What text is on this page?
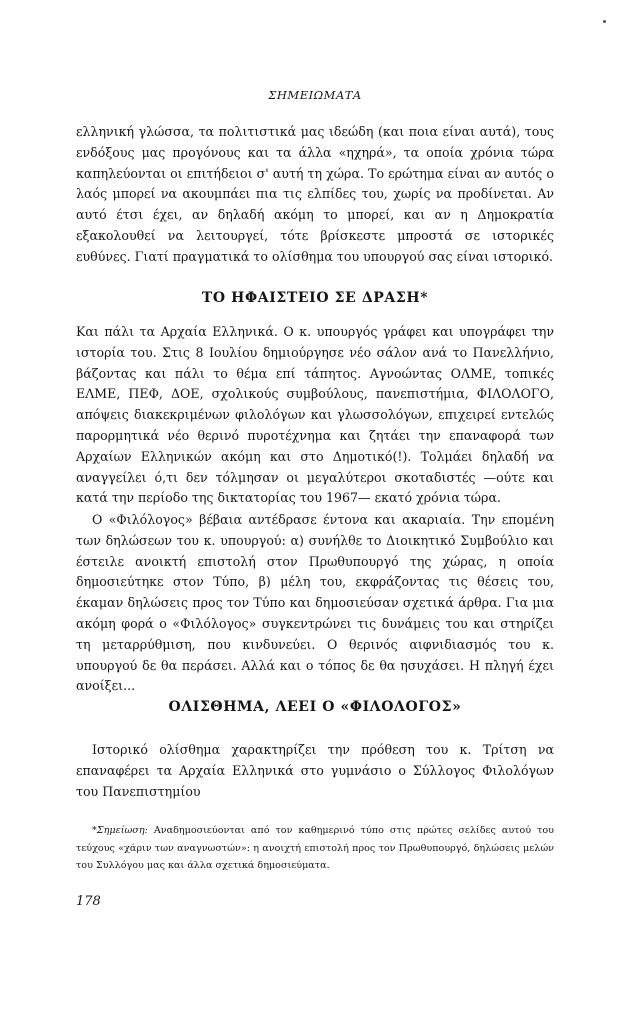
ΣΗΜΕΙΩΜΑΤΑ

ελληνική γλώσσα, τα πολιτιστικά μας ιδεώδη (και ποια είναι αυτά), τους ενδόξους μας προγόνους και τα άλλα «ηχηρά», τα οποία χρόνια τώρα καπηλεύονται οι επιτήδειοι σ' αυτή τη χώρα. Το ερώτημα είναι αν αυτός ο λαός μπορεί να ακουμπάει πια τις ελπίδες του, χωρίς να προδίνεται. Αν αυτό έτσι έχει, αν δηλαδή ακόμη το μπορεί, και αν η Δημοκρατία εξακολουθεί να λειτουργεί, τότε βρίσκεστε μπροστά σε ιστορικές ευθύνες. Γιατί πραγματικά το ολίσθημα του υπουργού σας είναι ιστορικό.

ΤΟ ΗΦΑΙΣΤΕΙΟ ΣΕ ΔΡΑΣΗ*

Και πάλι τα Αρχαία Ελληνικά. Ο κ. υπουργός γράφει και υπογράφει την ιστορία του. Στις 8 Ιουλίου δημιούργησε νέο σάλον ανά το Πανελλήνιο, βάζοντας και πάλι το θέμα επί τάπητος. Αγνοώντας ΟΛΜΕ, τοπικές ΕΛΜΕ, ΠΕΦ, ΔΟΕ, σχολικούς συμβούλους, πανεπιστήμια, ΦΙΛΟΛΟΓΟ, απόψεις διακεκριμένων φιλολόγων και γλωσσολόγων, επιχειρεί εντελώς παρορμητικά νέο θερινό πυροτέχνημα και ζητάει την επαναφορά των Αρχαίων Ελληνικών ακόμη και στο Δημοτικό(!). Τολμάει δηλαδή να αναγγείλει ό,τι δεν τόλμησαν οι μεγαλύτεροι σκοταδιστές —ούτε και κατά την περίοδο της δικτατορίας του 1967— εκατό χρόνια τώρα.

Ο «Φιλόλογος» βέβαια αντέδρασε έντονα και ακαριαία. Την επομένη των δηλώσεων του κ. υπουργού: α) συνήλθε το Διοικητικό Συμβούλιο και έστειλε ανοικτή επιστολή στον Πρωθυπουργό της χώρας, η οποία δημοσιεύτηκε στον Τύπο, β) μέλη του, εκφράζοντας τις θέσεις του, έκαμαν δηλώσεις προς τον Τύπο και δημοσιεύσαν σχετικά άρθρα. Για μια ακόμη φορά ο «Φιλόλογος» συγκεντρώνει τις δυνάμεις του και στηρίζει τη μεταρρύθμιση, που κινδυνεύει. Ο θερινός αιφνιδιασμός του κ. υπουργού δε θα περάσει. Αλλά και ο τόπος δε θα ησυχάσει. Η πληγή έχει ανοίξει...

ΟΛΙΣΘΗΜΑ, ΛΕΕΙ Ο «ΦΙΛΟΛΟΓΟΣ»

Ιστορικό ολίσθημα χαρακτηρίζει την πρόθεση του κ. Τρίτση να επαναφέρει τα Αρχαία Ελληνικά στο γυμνάσιο ο Σύλλογος Φιλολόγων του Πανεπιστημίου

*Σημείωση: Αναδημοσιεύονται από τον καθημερινό τύπο στις πρώτες σελίδες αυτού του τεύχους «χάριν των αναγνωστών»: η ανοιχτή επιστολή προς τον Πρωθυπουργό, δηλώσεις μελών του Συλλόγου μας και άλλα σχετικά δημοσιεύματα.

178
